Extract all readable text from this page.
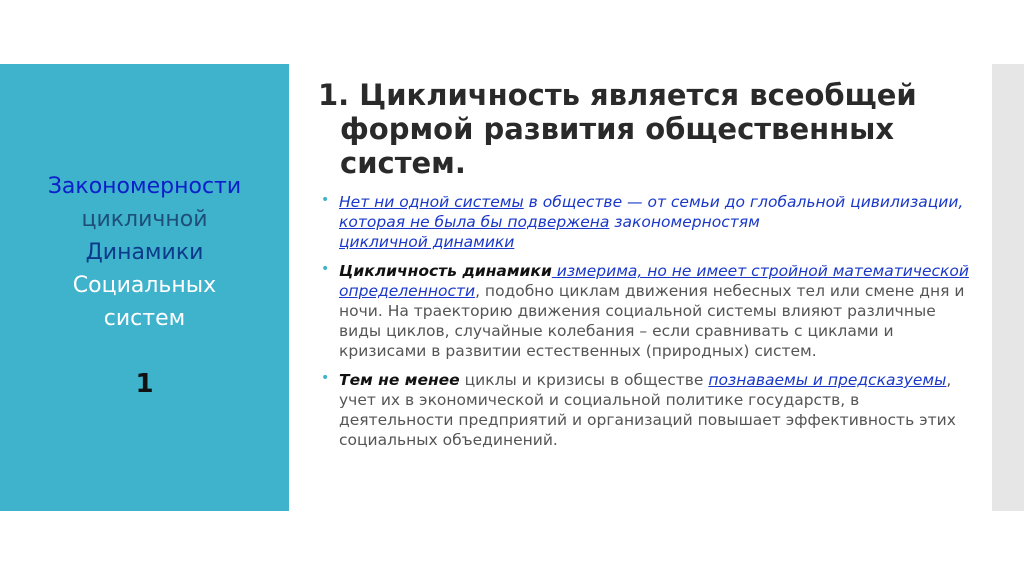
Закономерности
цикличной
Динамики
Социальных
систем
1
1. Цикличность является всеобщей формой развития общественных систем.
• Нет ни одной системы в обществе — от семьи до глобальной цивилизации, которая не была бы подвержена закономерностям
цикличной динамики
• Цикличность динамики измерима, но не имеет стройной математической определенности, подобно циклам движения небесных тел или смене дня и ночи. На траекторию движения социальной системы влияют различные виды циклов, случайные колебания – если сравнивать с циклами и кризисами в развитии естественных (природных) систем.
• Тем не менее циклы и кризисы в обществе познаваемы и предсказуемы, учет их в экономической и социальной политике государств, в деятельности предприятий и организаций повышает эффективность этих социальных объединений.
